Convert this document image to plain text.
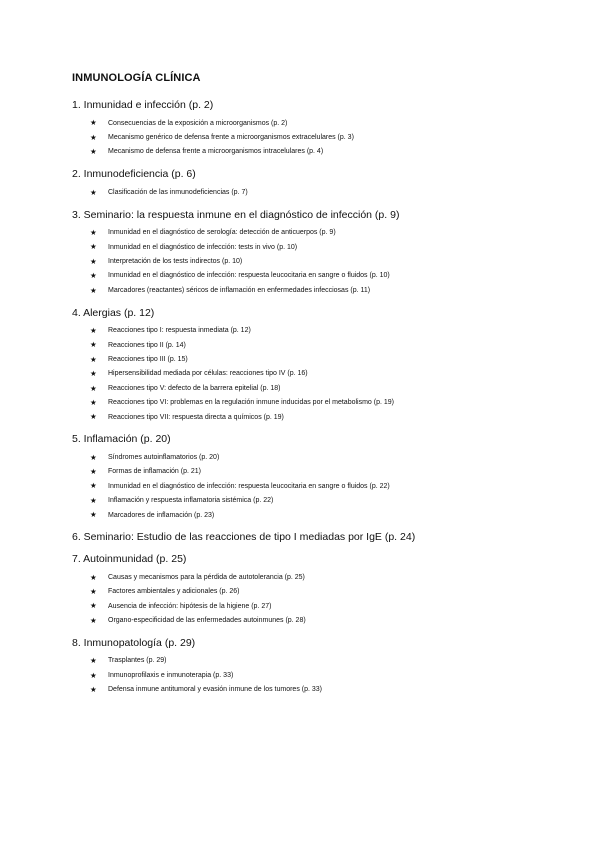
INMUNOLOGÍA CLÍNICA
1. Inmunidad e infección (p. 2)
★	Consecuencias de la exposición a microorganismos (p. 2)
★	Mecanismo genérico de defensa frente a microorganismos extracelulares (p. 3)
★	Mecanismo de defensa frente a microorganismos intracelulares (p. 4)
2. Inmunodeficiencia (p. 6)
★	Clasificación de las inmunodeficiencias (p. 7)
3. Seminario: la respuesta inmune en el diagnóstico de infección (p. 9)
★	Inmunidad en el diagnóstico de serología: detección de anticuerpos (p. 9)
★	Inmunidad en el diagnóstico de infección: tests in vivo (p. 10)
★	Interpretación de los tests indirectos (p. 10)
★	Inmunidad en el diagnóstico de infección: respuesta leucocitaria en sangre o fluidos (p. 10)
★	Marcadores (reactantes) séricos de inflamación en enfermedades infecciosas (p. 11)
4. Alergias (p. 12)
★	Reacciones tipo I: respuesta inmediata (p. 12)
★	Reacciones tipo II (p. 14)
★	Reacciones tipo III (p. 15)
★	Hipersensibilidad mediada por células: reacciones tipo IV (p. 16)
★	Reacciones tipo V: defecto de la barrera epitelial (p. 18)
★	Reacciones tipo VI: problemas en la regulación inmune inducidas por el metabolismo (p. 19)
★	Reacciones tipo VII: respuesta directa a químicos (p. 19)
5. Inflamación (p. 20)
★	Síndromes autoinflamatorios (p. 20)
★	Formas de inflamación (p. 21)
★	Inmunidad en el diagnóstico de infección: respuesta leucocitaria en sangre o fluidos (p. 22)
★	Inflamación y respuesta inflamatoria sistémica (p. 22)
★	Marcadores de inflamación (p. 23)
6. Seminario: Estudio de las reacciones de tipo I mediadas por IgE (p. 24)
7. Autoinmunidad (p. 25)
★	Causas y mecanismos para la pérdida de autotolerancia (p. 25)
★	Factores ambientales y adicionales (p. 26)
★	Ausencia de infección: hipótesis de la higiene (p. 27)
★	Organo-especificidad de las enfermedades autoinmunes (p. 28)
8. Inmunopatología (p. 29)
★	Trasplantes (p. 29)
★	Inmunoprofilaxis e inmunoterapia (p. 33)
★	Defensa inmune antitumoral y evasión inmune de los tumores (p. 33)
